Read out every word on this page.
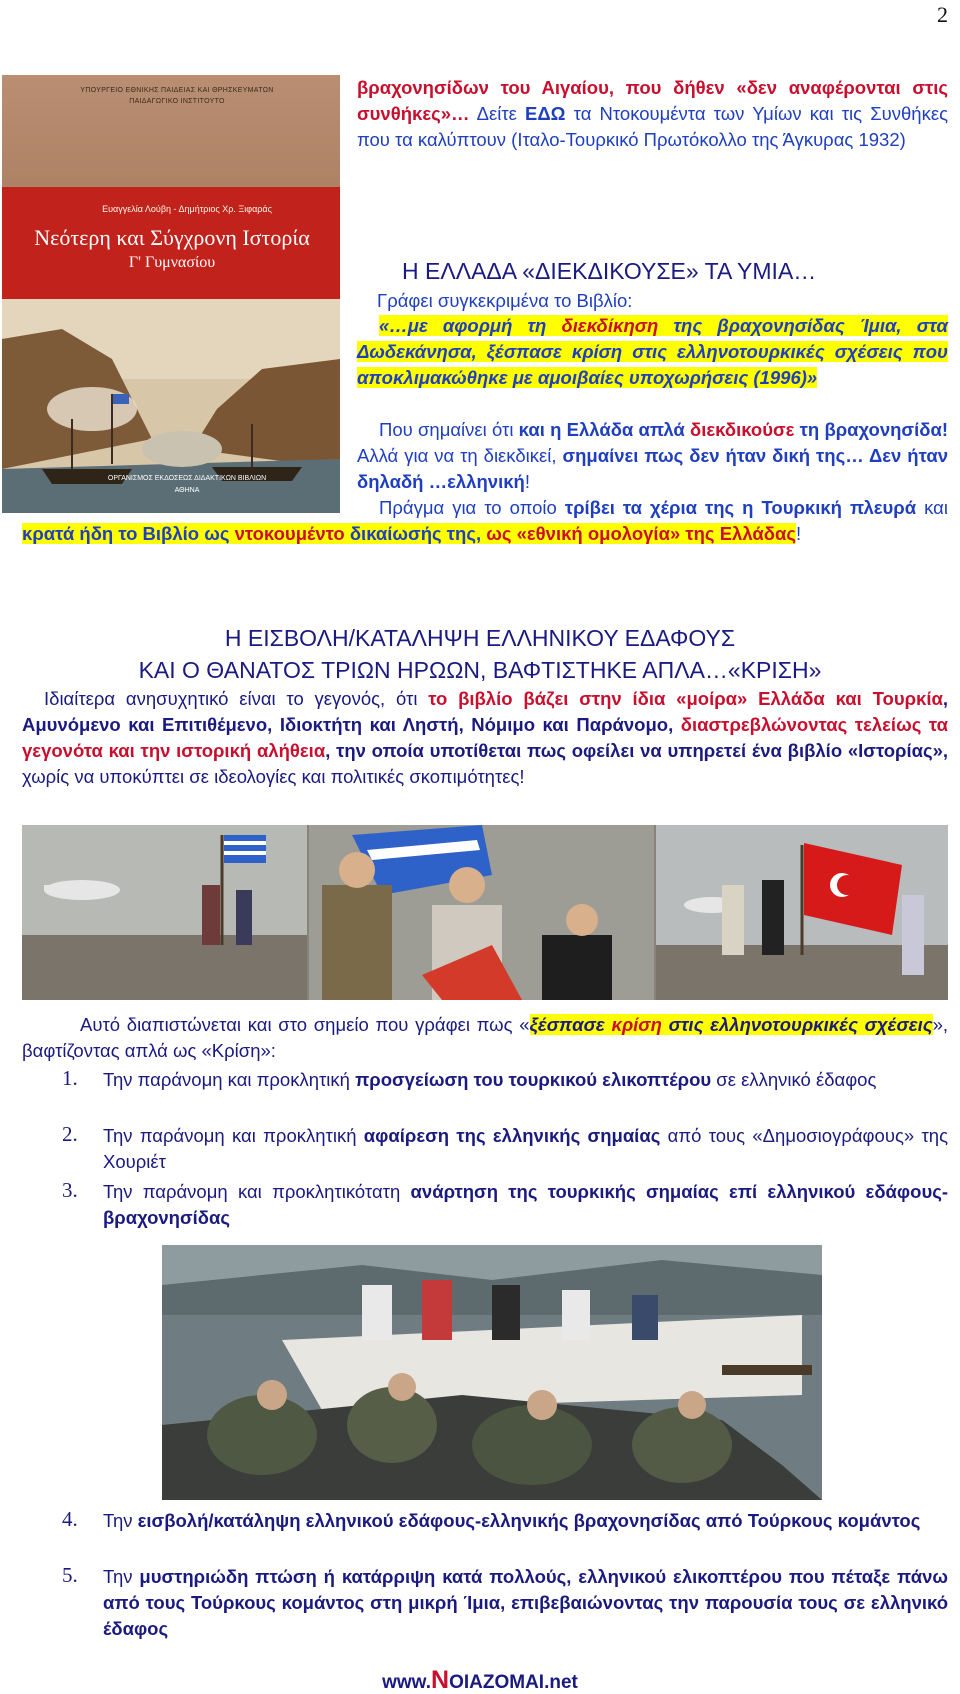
2
ΥΠΟΥΡΓΕΙΟ ΕΘΝΙΚΗΣ ΠΑΙΔΕΙΑΣ ΚΑΙ ΘΡΗΣΚΕΥΜΑΤΩΝ
ΠΑΙΔΑΓΩΓΙΚΟ ΙΝΣΤΙΤΟΥΤΟ
Ευαγγελία Λούβη - Δημήτριος Χρ. Ξιφαράς
Νεότερη και Σύγχρονη Ιστορία
Γ' Γυμνασίου
ΟΡΓΑΝΙΣΜΟΣ ΕΚΔΟΣΕΩΣ ΔΙΔΑΚΤΙΚΩΝ ΒΙΒΛΙΩΝ
ΑΘΗΝΑ
βραχονησίδων του Αιγαίου, που δήθεν «δεν αναφέρονται στις συνθήκες»… Δείτε ΕΔΩ τα Ντοκουμέντα των Υμίων και τις Συνθήκες που τα καλύπτουν (Ιταλο-Τουρκικό Πρωτόκολλο της Άγκυρας 1932)
Η ΕΛΛΑΔΑ «ΔΙΕΚΔΙΚΟΥΣΕ» ΤΑ ΥΜΙΑ…
Γράφει συγκεκριμένα το Βιβλίο:
«…με αφορμή τη διεκδίκηση της βραχονησίδας Ίμια, στα Δωδεκάνησα, ξέσπασε κρίση στις ελληνοτουρκικές σχέσεις που αποκλιμακώθηκε με αμοιβαίες υποχωρήσεις (1996)»
Που σημαίνει ότι και η Ελλάδα απλά διεκδικούσε τη βραχονησίδα! Αλλά για να τη διεκδικεί, σημαίνει πως δεν ήταν δική της… Δεν ήταν δηλαδή …ελληνική!
Πράγμα για το οποίο τρίβει τα χέρια της η Τουρκική πλευρά και κρατά ήδη το Βιβλίο ως ντοκουμέντο δικαίωσής της, ως «εθνική ομολογία» της Ελλάδας!
Η ΕΙΣΒΟΛΗ/ΚΑΤΑΛΗΨΗ ΕΛΛΗΝΙΚΟΥ ΕΔΑΦΟΥΣ
ΚΑΙ Ο ΘΑΝΑΤΟΣ ΤΡΙΩΝ ΗΡΩΩΝ, ΒΑΦΤΙΣΤΗΚΕ ΑΠΛΑ…«ΚΡΙΣΗ»
Ιδιαίτερα ανησυχητικό είναι το γεγονός, ότι το βιβλίο βάζει στην ίδια «μοίρα» Ελλάδα και Τουρκία, Αμυνόμενο και Επιτιθέμενο, Ιδιοκτήτη και Ληστή, Νόμιμο και Παράνομο, διαστρεβλώνοντας τελείως τα γεγονότα και την ιστορική αλήθεια, την οποία υποτίθεται πως οφείλει να υπηρετεί ένα βιβλίο «Ιστορίας», χωρίς να υποκύπτει σε ιδεολογίες και πολιτικές σκοπιμότητες!
Αυτό διαπιστώνεται και στο σημείο που γράφει πως «ξέσπασε κρίση στις ελληνοτουρκικές σχέσεις», βαφτίζοντας απλά ως «Κρίση»:
1. Την παράνομη και προκλητική προσγείωση του τουρκικού ελικοπτέρου σε ελληνικό έδαφος
2. Την παράνομη και προκλητική αφαίρεση της ελληνικής σημαίας από τους «Δημοσιογράφους» της Χουριέτ
3. Την παράνομη και προκλητικότατη ανάρτηση της τουρκικής σημαίας επί ελληνικού εδάφους-βραχονησίδας
4. Την εισβολή/κατάληψη ελληνικού εδάφους-ελληνικής βραχονησίδας από Τούρκους κομάντος
5. Την μυστηριώδη πτώση ή κατάρριψη κατά πολλούς, ελληνικού ελικοπτέρου που πέταξε πάνω από τους Τούρκους κομάντος στη μικρή Ίμια, επιβεβαιώνοντας την παρουσία τους σε ελληνικό έδαφος
www.NOIAZOMAI.net
